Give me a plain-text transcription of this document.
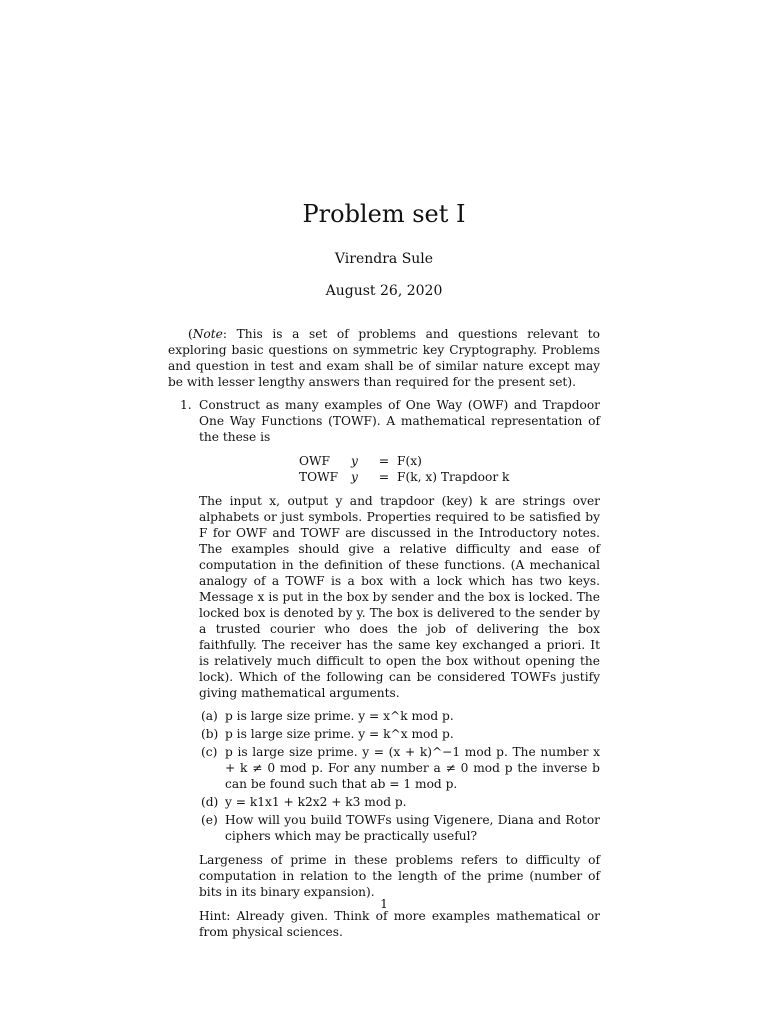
Problem set I
Virendra Sule
August 26, 2020
(Note: This is a set of problems and questions relevant to exploring basic questions on symmetric key Cryptography. Problems and question in test and exam shall be of similar nature except may be with lesser lengthy answers than required for the present set).
1. Construct as many examples of One Way (OWF) and Trapdoor One Way Functions (TOWF). A mathematical representation of the these is

OWF	y	=	F(x)
TOWF	y	=	F(k, x) Trapdoor k

The input x, output y and trapdoor (key) k are strings over alphabets or just symbols. Properties required to be satisfied by F for OWF and TOWF are discussed in the Introductory notes. The examples should give a relative difficulty and ease of computation in the definition of these functions. (A mechanical analogy of a TOWF is a box with a lock which has two keys. Message x is put in the box by sender and the box is locked. The locked box is denoted by y. The box is delivered to the sender by a trusted courier who does the job of delivering the box faithfully. The receiver has the same key exchanged a priori. It is relatively much difficult to open the box without opening the lock). Which of the following can be considered TOWFs justify giving mathematical arguments.

(a) p is large size prime. y = x^k mod p.
(b) p is large size prime. y = k^x mod p.
(c) p is large size prime. y = (x + k)^−1 mod p. The number x + k ≠ 0 mod p. For any number a ≠ 0 mod p the inverse b can be found such that ab = 1 mod p.
(d) y = k1x1 + k2x2 + k3 mod p.
(e) How will you build TOWFs using Vigenere, Diana and Rotor ciphers which may be practically useful?

Largeness of prime in these problems refers to difficulty of computation in relation to the length of the prime (number of bits in its binary expansion).

Hint: Already given. Think of more examples mathematical or from physical sciences.

1
